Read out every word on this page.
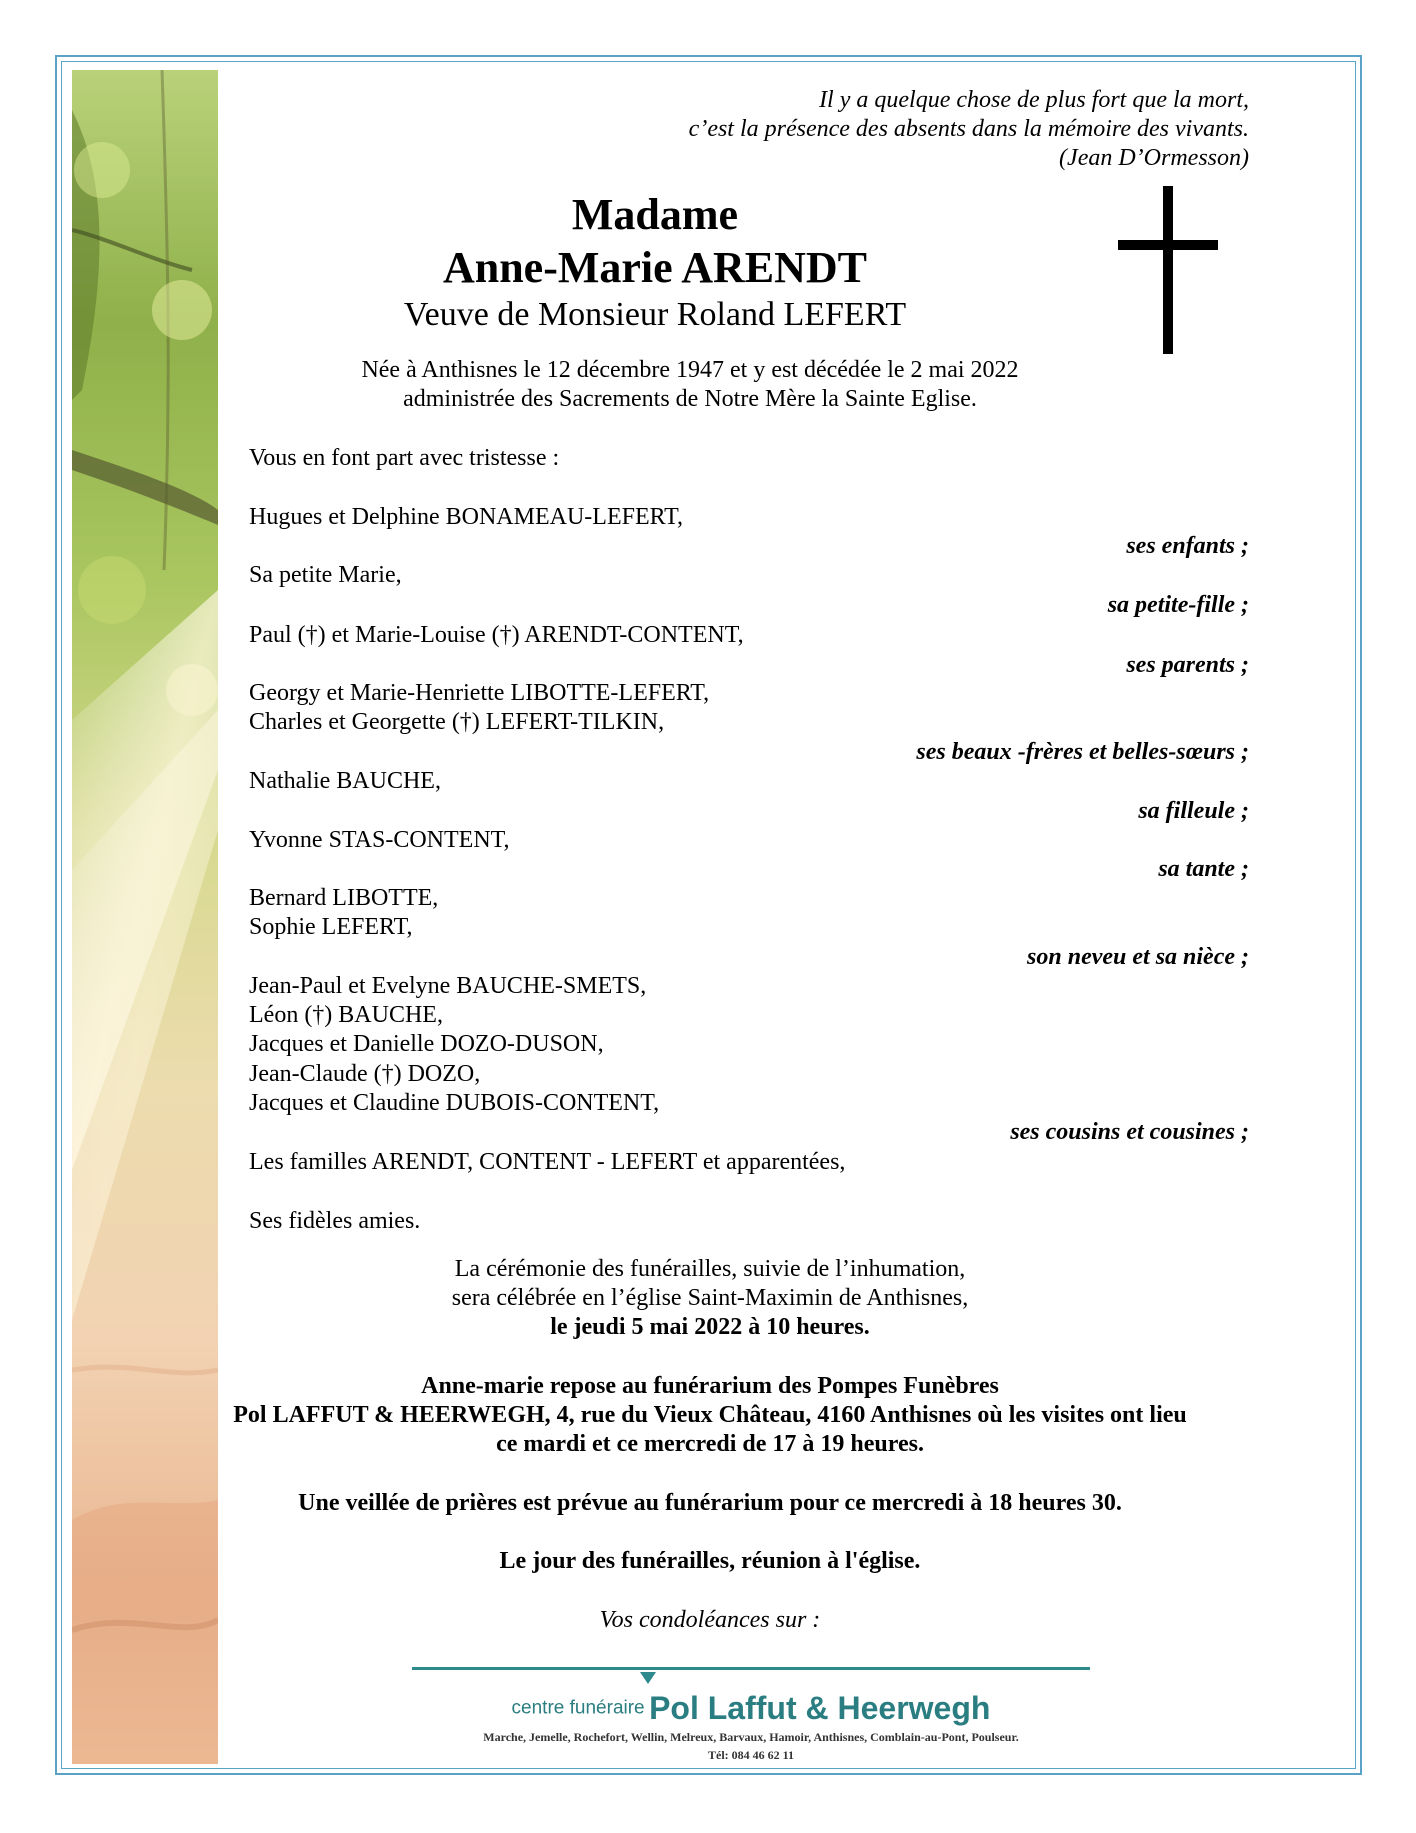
Il y a quelque chose de plus fort que la mort,
c’est la présence des absents dans la mémoire des vivants.
(Jean D’Ormesson)
Madame
Anne-Marie ARENDT
Veuve de Monsieur Roland LEFERT
Née à Anthisnes le 12 décembre 1947 et y est décédée le 2 mai 2022
administrée des Sacrements de Notre Mère la Sainte Eglise.
Vous en font part avec tristesse :
Hugues et Delphine BONAMEAU-LEFERT,
ses enfants ;
Sa petite Marie,
sa petite-fille ;
Paul (†) et Marie-Louise (†) ARENDT-CONTENT,
ses parents ;
Georgy et Marie-Henriette LIBOTTE-LEFERT,
Charles et Georgette (†) LEFERT-TILKIN,
ses beaux -frères et belles-sœurs ;
Nathalie BAUCHE,
sa filleule ;
Yvonne STAS-CONTENT,
sa tante ;
Bernard LIBOTTE,
Sophie LEFERT,
son neveu et sa nièce ;
Jean-Paul et Evelyne BAUCHE-SMETS,
Léon (†) BAUCHE,
Jacques et Danielle DOZO-DUSON,
Jean-Claude (†) DOZO,
Jacques et Claudine DUBOIS-CONTENT,
ses cousins et cousines ;
Les familles ARENDT, CONTENT - LEFERT et apparentées,
Ses fidèles amies.
La cérémonie des funérailles, suivie de l’inhumation,
sera célébrée en l’église Saint-Maximin de Anthisnes,
le jeudi 5 mai 2022 à 10 heures.
Anne-marie repose au funérarium des Pompes Funèbres
Pol LAFFUT & HEERWEGH, 4, rue du Vieux Château, 4160 Anthisnes où les visites ont lieu
ce mardi et ce mercredi de 17 à 19 heures.
Une veillée de prières est prévue au funérarium pour ce mercredi à 18 heures 30.
Le jour des funérailles, réunion à l'église.
Vos condoléances sur :
centre funéraire Pol Laffut & Heerwegh
Marche, Jemelle, Rochefort, Wellin, Melreux, Barvaux, Hamoir, Anthisnes, Comblain-au-Pont, Poulseur.
Tél: 084 46 62 11
